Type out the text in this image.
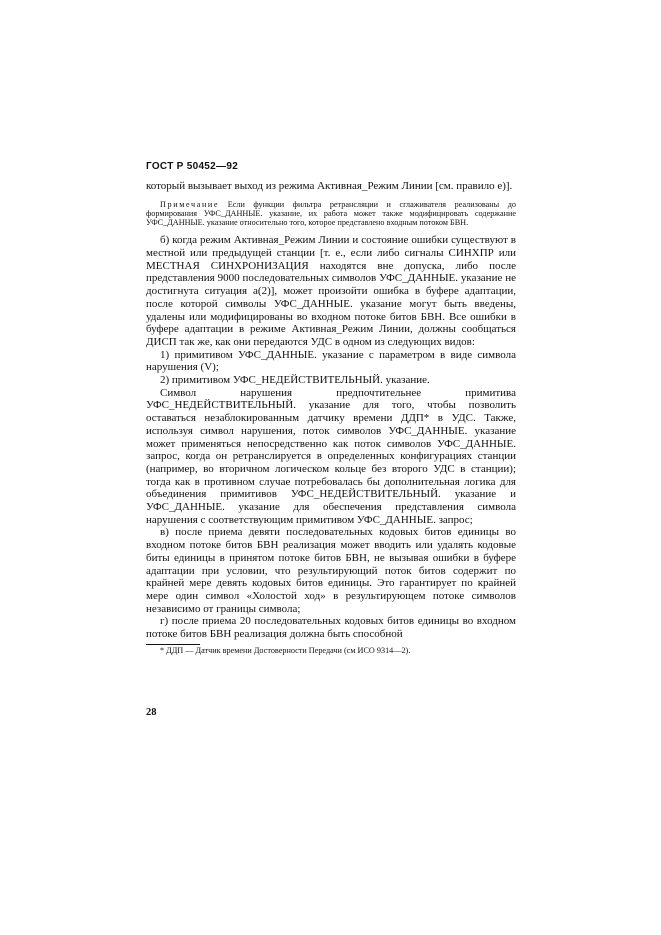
ГОСТ Р 50452—92

который вызывает выход из режима Активная_Режим Линии [см. правило е)].

Примечание Если функции фильтра ретрансляции и сглаживателя реализованы до формирования УФС_ДАННЫЕ. указание, их работа может также модифицировать содержание УФС_ДАННЫЕ. указание относительно того, которое представлено входным потоком БВН.

б) когда режим Активная_Режим Линии и состояние ошибки существуют в местной или предыдущей станции [т. е., если либо сигналы СИНХПР или МЕСТНАЯ СИНХРОНИЗАЦИЯ находятся вне допуска, либо после представления 9000 последовательных символов УФС_ДАННЫЕ. указание не достигнута ситуация а(2)], может произойти ошибка в буфере адаптации, после которой символы УФС_ДАННЫЕ. указание могут быть введены, удалены или модифицированы во входном потоке битов БВН. Все ошибки в буфере адаптации в режиме Активная_Режим Линии, должны сообщаться ДИСП так же, как они передаются УДС в одном из следующих видов:

1) примитивом УФС_ДАННЫЕ. указание с параметром в виде символа нарушения (V);

2) примитивом УФС_НЕДЕЙСТВИТЕЛЬНЫЙ. указание.

Символ нарушения предпочтительнее примитива УФС_НЕДЕЙСТВИТЕЛЬНЫЙ. указание для того, чтобы позволить оставаться незаблокированным датчику времени ДДП* в УДС. Также, используя символ нарушения, поток символов УФС_ДАННЫЕ. указание может применяться непосредственно как поток символов УФС_ДАННЫЕ. запрос, когда он ретранслируется в определенных конфигурациях станции (например, во вторичном логическом кольце без второго УДС в станции); тогда как в противном случае потребовалась бы дополнительная логика для объединения примитивов УФС_НЕДЕЙСТВИТЕЛЬНЫЙ. указание и УФС_ДАННЫЕ. указание для обеспечения представления символа нарушения с соответствующим примитивом УФС_ДАННЫЕ. запрос;

в) после приема девяти последовательных кодовых битов единицы во входном потоке битов БВН реализация может вводить или удалять кодовые биты единицы в принятом потоке битов БВН, не вызывая ошибки в буфере адаптации при условии, что результирующий поток битов содержит по крайней мере девять кодовых битов единицы. Это гарантирует по крайней мере один символ «Холостой ход» в результирующем потоке символов независимо от границы символа;

г) после приема 20 последовательных кодовых битов единицы во входном потоке битов БВН реализация должна быть способной

* ДДП — Датчик времени Достоверности Передачи (см ИСО 9314—2).

28
